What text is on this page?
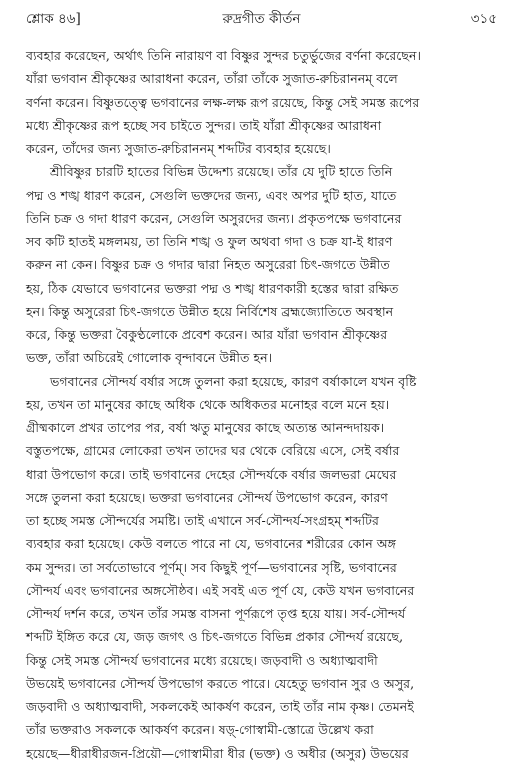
শ্লোক ৪৬]	রুদ্রগীত কীর্তন	৩১৫
ব্যবহার করেছেন, অর্থাৎ তিনি নারায়ণ বা বিষ্ণুর সুন্দর চতুর্ভুজের বর্ণনা করেছেন।
যাঁরা ভগবান শ্রীকৃষ্ণের আরাধনা করেন, তাঁরা তাঁকে সুজাত-রুচিরাননম্ বলে
বর্ণনা করেন। বিষ্ণুতত্ত্বে ভগবানের লক্ষ-লক্ষ রূপ রয়েছে, কিন্তু সেই সমস্ত রূপের
মধ্যে শ্রীকৃষ্ণের রূপ হচ্ছে সব চাইতে সুন্দর। তাই যাঁরা শ্রীকৃষ্ণের আরাধনা
করেন, তাঁদের জন্য সুজাত-রুচিরাননম্ শব্দটির ব্যবহার হয়েছে।
শ্রীবিষ্ণুর চারটি হাতের বিভিন্ন উদ্দেশ্য রয়েছে। তাঁর যে দুটি হাতে তিনি
পদ্ম ও শঙ্খ ধারণ করেন, সেগুলি ভক্তদের জন্য, এবং অপর দুটি হাত, যাতে
তিনি চক্র ও গদা ধারণ করেন, সেগুলি অসুরদের জন্য। প্রকৃতপক্ষে ভগবানের
সব কটি হাতই মঙ্গলময়, তা তিনি শঙ্খ ও ফুল অথবা গদা ও চক্র যা-ই ধারণ
করুন না কেন। বিষ্ণুর চক্র ও গদার দ্বারা নিহত অসুরেরা চিৎ-জগতে উন্নীত
হয়, ঠিক যেভাবে ভগবানের ভক্তরা পদ্ম ও শঙ্খ ধারণকারী হস্তের দ্বারা রক্ষিত
হন। কিন্তু অসুরেরা চিৎ-জগতে উন্নীত হয়ে নির্বিশেষ ব্রহ্মজ্যোতিতে অবস্থান
করে, কিন্তু ভক্তরা বৈকুণ্ঠলোকে প্রবেশ করেন। আর যাঁরা ভগবান শ্রীকৃষ্ণের
ভক্ত, তাঁরা অচিরেই গোলোক বৃন্দাবনে উন্নীত হন।
ভগবানের সৌন্দর্য বর্ষার সঙ্গে তুলনা করা হয়েছে, কারণ বর্ষাকালে যখন বৃষ্টি
হয়, তখন তা মানুষের কাছে অধিক থেকে অধিকতর মনোহর বলে মনে হয়।
গ্রীষ্মকালে প্রখর তাপের পর, বর্ষা ঋতু মানুষের কাছে অত্যন্ত আনন্দদায়ক।
বস্তুতপক্ষে, গ্রামের লোকেরা তখন তাদের ঘর থেকে বেরিয়ে এসে, সেই বর্ষার
ধারা উপভোগ করে। তাই ভগবানের দেহের সৌন্দর্যকে বর্ষার জলভরা মেঘের
সঙ্গে তুলনা করা হয়েছে। ভক্তরা ভগবানের সৌন্দর্য উপভোগ করেন, কারণ
তা হচ্ছে সমস্ত সৌন্দর্যের সমষ্টি। তাই এখানে সর্ব-সৌন্দর্য-সংগ্রহম্ শব্দটির
ব্যবহার করা হয়েছে। কেউ বলতে পারে না যে, ভগবানের শরীরের কোন অঙ্গ
কম সুন্দর। তা সর্বতোভাবে পূর্ণম্। সব কিছুই পূর্ণ—ভগবানের সৃষ্টি, ভগবানের
সৌন্দর্য এবং ভগবানের অঙ্গসৌষ্ঠব। এই সবই এত পূর্ণ যে, কেউ যখন ভগবানের
সৌন্দর্য দর্শন করে, তখন তাঁর সমস্ত বাসনা পূর্ণরূপে তৃপ্ত হয়ে যায়। সর্ব-সৌন্দর্য
শব্দটি ইঙ্গিত করে যে, জড় জগৎ ও চিৎ-জগতে বিভিন্ন প্রকার সৌন্দর্য রয়েছে,
কিন্তু সেই সমস্ত সৌন্দর্য ভগবানের মধ্যে রয়েছে। জড়বাদী ও অধ্যাত্মবাদী
উভয়েই ভগবানের সৌন্দর্য উপভোগ করতে পারে। যেহেতু ভগবান সুর ও অসুর,
জড়বাদী ও অধ্যাত্মবাদী, সকলকেই আকর্ষণ করেন, তাই তাঁর নাম কৃষ্ণ। তেমনই
তাঁর ভক্তরাও সকলকে আকর্ষণ করেন। ষড়্-গোস্বামী-স্তোত্রে উল্লেখ করা
হয়েছে—ধীরাধীরজন-প্রিয়ৌ—গোস্বামীরা ধীর (ভক্ত) ও অধীর (অসুর) উভয়ের
